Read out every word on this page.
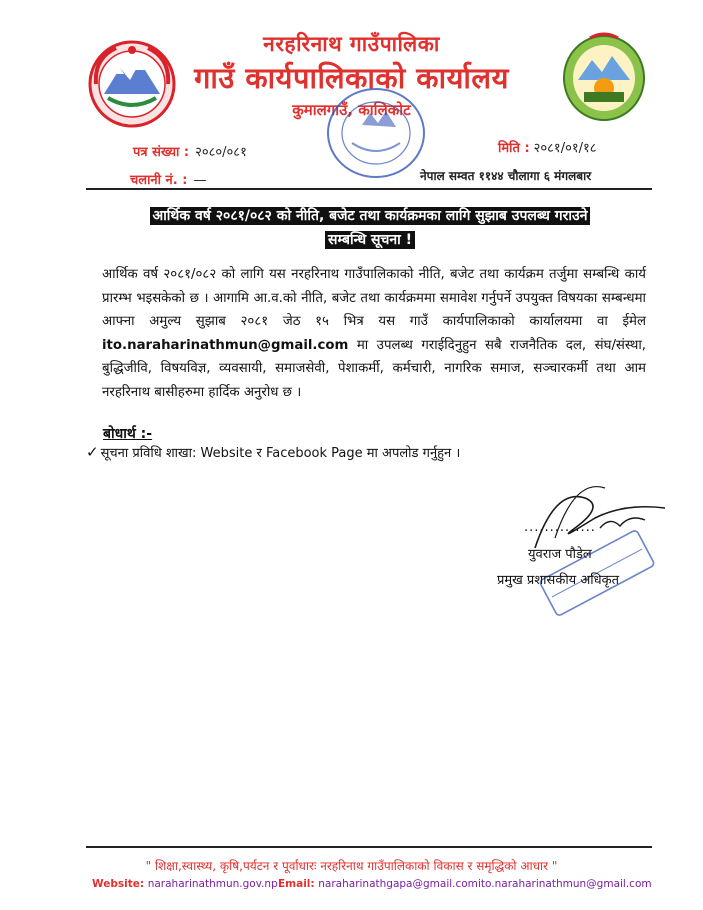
नरहरिनाथ गाउँपालिका
गाउँ कार्यपालिकाको कार्यालय
कुमालगाउँ, कालिकोट
पत्र संख्या : २०८०/०८१
चलानी नं. : —
मिति : २०८१/०१/१८
नेपाल सम्वत ११४४ चौलागा ६ मंगलबार
आर्थिक वर्ष २०८१/०८२ को नीति, बजेट तथा कार्यक्रमका लागि सुझाब उपलब्ध गराउने
सम्बन्धि सूचना !
आर्थिक वर्ष २०८१/०८२ को लागि यस नरहरिनाथ गाउँपालिकाको नीति, बजेट तथा कार्यक्रम तर्जुमा सम्बन्धि कार्य प्रारम्भ भइसकेको छ । आगामि आ.व.को नीति, बजेट तथा कार्यक्रममा समावेश गर्नुपर्ने उपयुक्त विषयका सम्बन्धमा आफ्ना अमुल्य सुझाब २०८१ जेठ १५ भित्र यस गाउँ कार्यपालिकाको कार्यालयमा वा ईमेल ito.naraharinathmun@gmail.com मा उपलब्ध गराईदिनुहुन सबै राजनैतिक दल, संघ/संस्था, बुद्धिजीवि, विषयविज्ञ, व्यवसायी, समाजसेवी, पेशाकर्मी, कर्मचारी, नागरिक समाज, सञ्चारकर्मी तथा आम नरहरिनाथ बासीहरुमा हार्दिक अनुरोध छ ।
बोधार्थ :-
✓ सूचना प्रविधि शाखा: Website र Facebook Page मा अपलोड गर्नुहुन ।
..............
युवराज पौडेल
प्रमुख प्रशासकीय अधिकृत
" शिक्षा,स्वास्थ्य, कृषि,पर्यटन र पूर्वाधारः नरहरिनाथ गाउँपालिकाको विकास र समृद्धिको आधार "
Website: naraharinathmun.gov.np Email: naraharinathgapa@gmail.com ito.naraharinathmun@gmail.com
